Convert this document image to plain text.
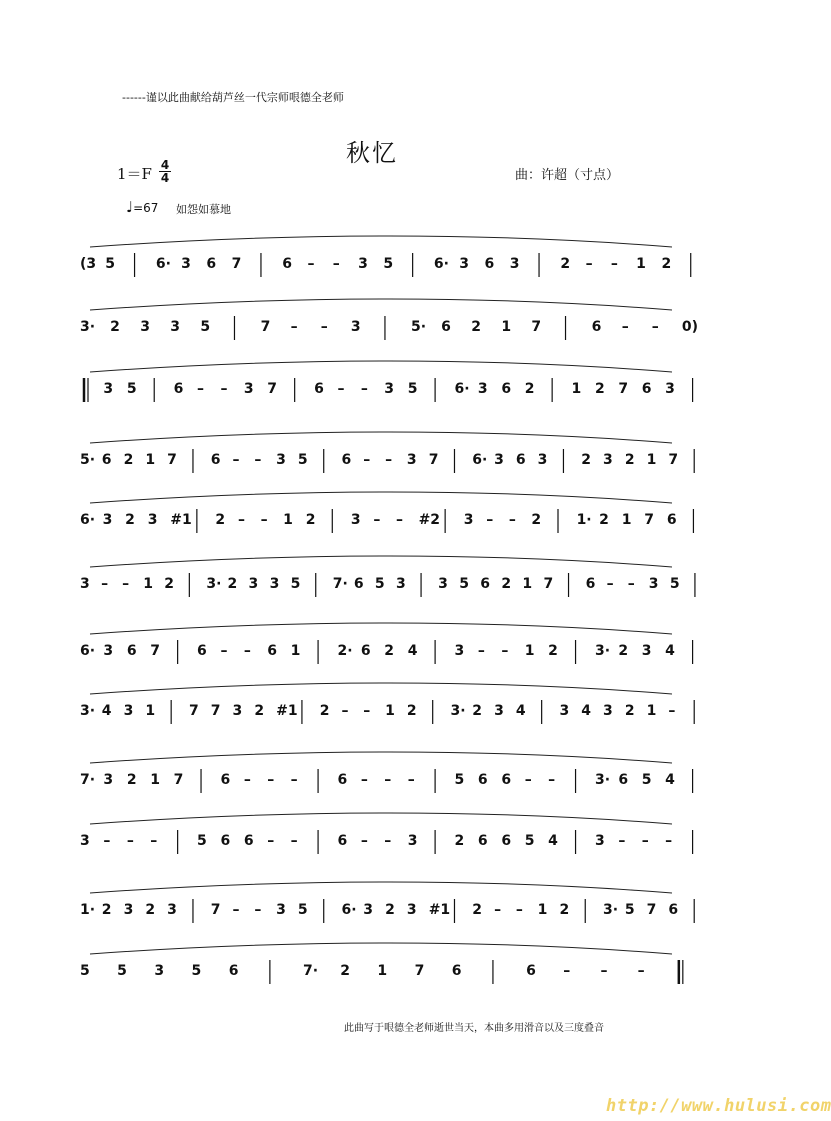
------谨以此曲献给葫芦丝一代宗师哏德全老师
秋忆
1＝F 4
4	曲：许超（寸点）
♩=67 如怨如慕地
(3 5	6· 3 6 7	6 – – 3 5	6· 3 6 3	2 – – 1 2
3· 2 3 3 5	7 – – 3	5· 6 2 1 7	6 – – 0)
3 5	6 – – 3 7	6 – – 3 5	6· 3 6 2	1 2 7 6 3
5· 6 2 1 7 6 – – 3 5 6 – – 3 7 6· 3 6 3 2 3 2 1 7
6· 3 2 3 #1 2 – – 1 2	3 – – #2 3 – – 2	1· 2 1 7 6
3 – – 1 2 3· 2 3 3 5 7· 6 5 3 3 5 6 2 1 7 6 – – 3 5
6· 3 6 7	6 – – 6 1	2· 6 2 4	3 – – 1 2	3· 2 3 4
3· 4 3 1 7 7 3 2 #1 2 – – 1 2 3· 2 3 4 3 4 3 2 1 –
7· 3 2 1 7	6 – – –	6 – – –	5 6 6 – –	3· 6 5 4
3 – – –	5 6 6 – –	6 – – 3	2 6 6 5 4	3 – – –
1· 2 3 2 3 7 – – 3 5 6· 3 2 3 #1 2 – – 1 2 3· 5 7 6
5 5 3 5 6	7· 2 1 7 6	6 – – –
此曲写于哏德全老师逝世当天，本曲多用滑音以及三度叠音
http://www.hulusi.com
